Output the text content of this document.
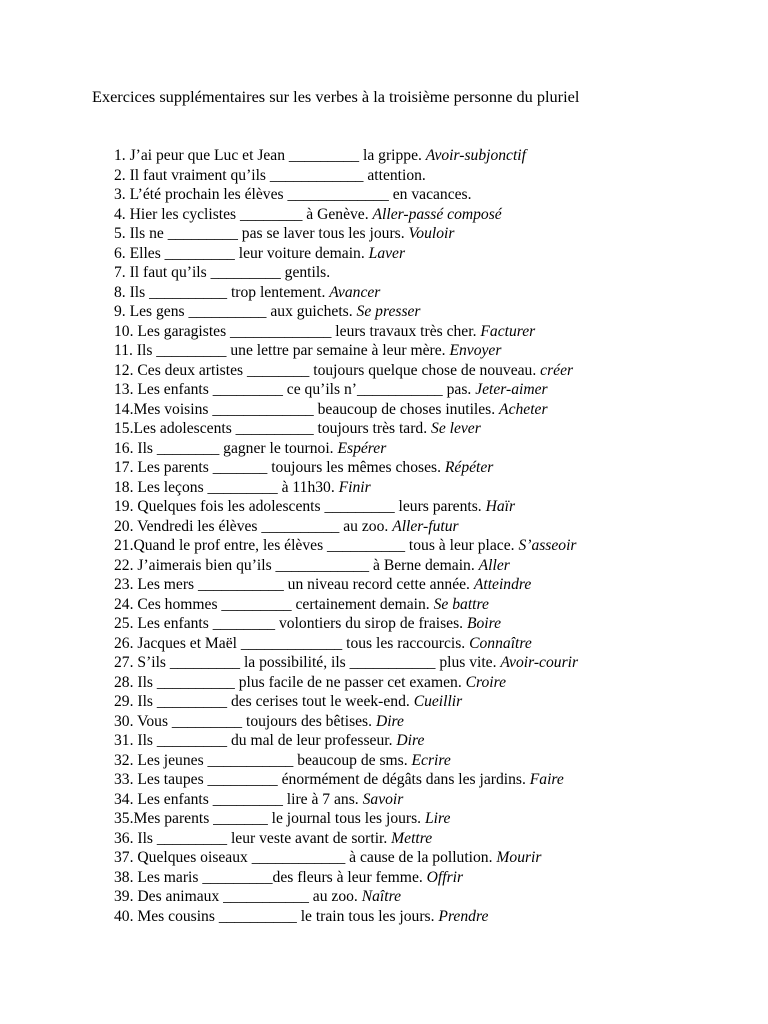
Exercices supplémentaires sur les verbes à la troisième personne du pluriel
1. J’ai peur que Luc et Jean _________ la grippe. Avoir-subjonctif
2. Il faut vraiment qu’ils ____________ attention.
3. L’été prochain les élèves _____________ en vacances.
4. Hier les cyclistes ________ à Genève. Aller-passé composé
5. Ils ne _________ pas se laver tous les jours. Vouloir
6. Elles _________ leur voiture demain. Laver
7. Il faut qu’ils _________ gentils.
8. Ils __________ trop lentement. Avancer
9. Les gens __________ aux guichets. Se presser
10. Les garagistes _____________ leurs travaux très cher. Facturer
11. Ils _________ une lettre par semaine à leur mère. Envoyer
12. Ces deux artistes ________ toujours quelque chose de nouveau. créer
13. Les enfants _________ ce qu’ils n’___________ pas. Jeter-aimer
14.Mes voisins _____________ beaucoup de choses inutiles. Acheter
15.Les adolescents __________ toujours très tard. Se lever
16. Ils ________ gagner le tournoi. Espérer
17. Les parents _______ toujours les mêmes choses. Répéter
18. Les leçons _________ à 11h30. Finir
19. Quelques fois les adolescents _________ leurs parents. Haïr
20. Vendredi les élèves __________ au zoo. Aller-futur
21.Quand le prof entre, les élèves __________ tous à leur place. S’asseoir
22. J’aimerais bien qu’ils ____________ à Berne demain. Aller
23. Les mers ___________ un niveau record cette année. Atteindre
24. Ces hommes _________ certainement demain. Se battre
25. Les enfants ________ volontiers du sirop de fraises. Boire
26. Jacques et Maël _____________ tous les raccourcis. Connaître
27. S’ils _________ la possibilité, ils ___________ plus vite. Avoir-courir
28. Ils __________ plus facile de ne passer cet examen. Croire
29. Ils _________ des cerises tout le week-end. Cueillir
30. Vous _________ toujours des bêtises. Dire
31. Ils _________ du mal de leur professeur. Dire
32. Les jeunes ___________ beaucoup de sms. Ecrire
33. Les taupes _________ énormément de dégâts dans les jardins. Faire
34. Les enfants _________ lire à 7 ans. Savoir
35.Mes parents _______ le journal tous les jours. Lire
36. Ils _________ leur veste avant de sortir. Mettre
37. Quelques oiseaux ____________ à cause de la pollution. Mourir
38. Les maris _________des fleurs à leur femme. Offrir
39. Des animaux ___________ au zoo. Naître
40. Mes cousins __________ le train tous les jours. Prendre
